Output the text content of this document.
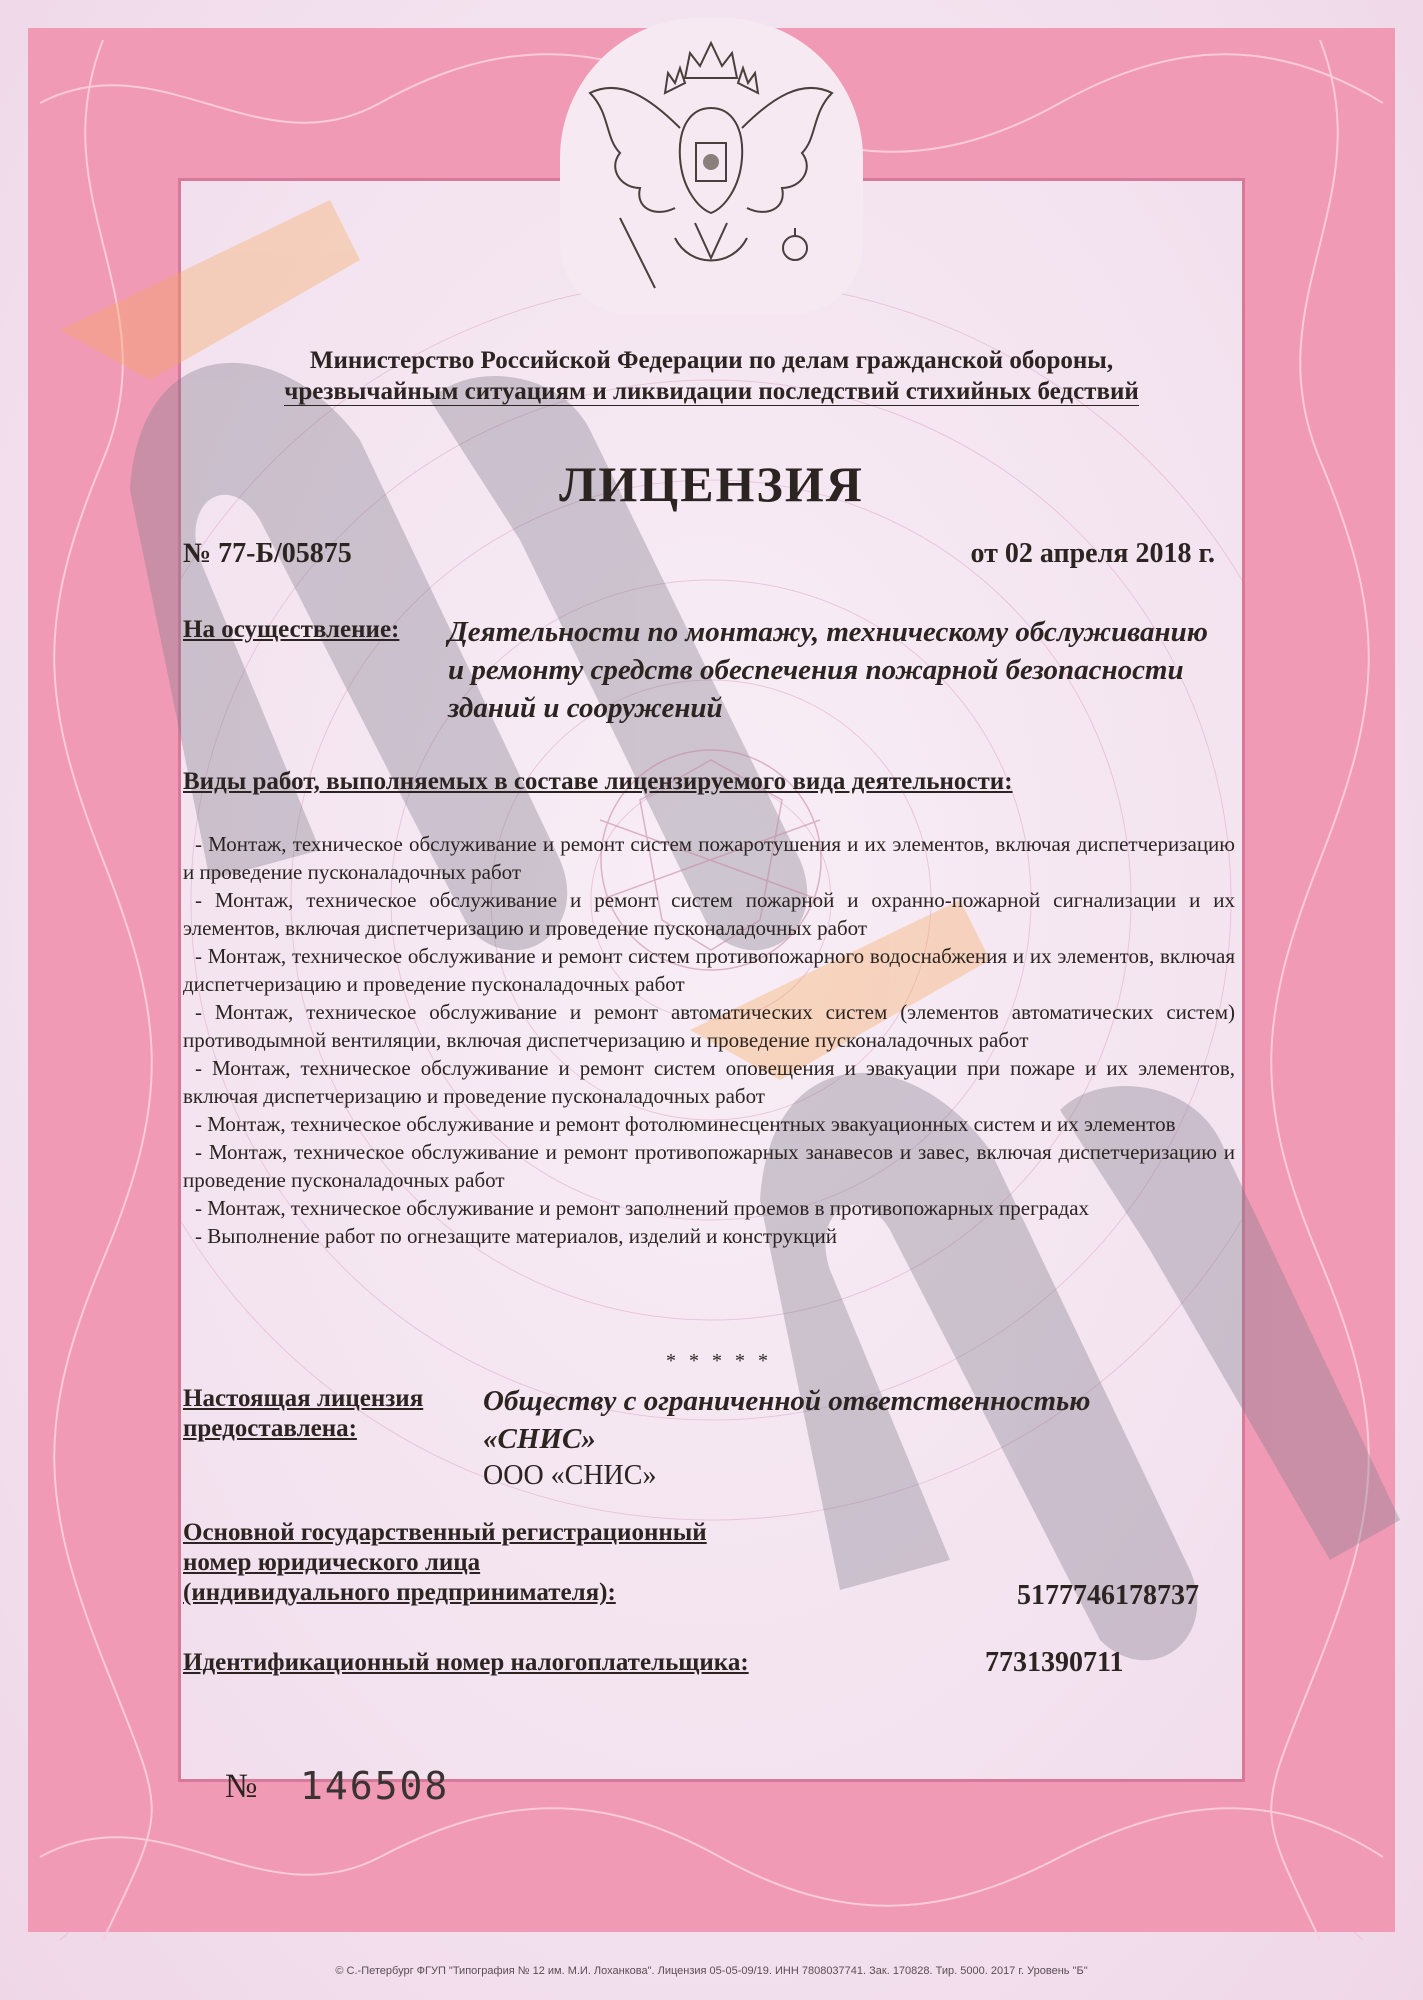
Министерство Российской Федерации по делам гражданской обороны,
чрезвычайным ситуациям и ликвидации последствий стихийных бедствий
ЛИЦЕНЗИЯ
№ 77-Б/05875	от 02 апреля 2018 г.
На осуществление: Деятельности по монтажу, техническому обслуживанию и ремонту средств обеспечения пожарной безопасности зданий и сооружений
Виды работ, выполняемых в составе лицензируемого вида деятельности:

- Монтаж, техническое обслуживание и ремонт систем пожаротушения и их элементов, включая диспетчеризацию и проведение пусконаладочных работ

- Монтаж, техническое обслуживание и ремонт систем пожарной и охранно-пожарной сигнализации и их элементов, включая диспетчеризацию и проведение пусконаладочных работ

- Монтаж, техническое обслуживание и ремонт систем противопожарного водоснабжения и их элементов, включая диспетчеризацию и проведение пусконаладочных работ

- Монтаж, техническое обслуживание и ремонт автоматических систем (элементов автоматических систем) противодымной вентиляции, включая диспетчеризацию и проведение пусконаладочных работ

- Монтаж, техническое обслуживание и ремонт систем оповещения и эвакуации при пожаре и их элементов, включая диспетчеризацию и проведение пусконаладочных работ

- Монтаж, техническое обслуживание и ремонт фотолюминесцентных эвакуационных систем и их элементов

- Монтаж, техническое обслуживание и ремонт противопожарных занавесов и завес, включая диспетчеризацию и проведение пусконаладочных работ

- Монтаж, техническое обслуживание и ремонт заполнений проемов в противопожарных преградах

- Выполнение работ по огнезащите материалов, изделий и конструкций

* * * * *
Настоящая лицензия
предоставлена:
Обществу с ограниченной ответственностью
«СНИС»
ООО «СНИС»
Основной государственный регистрационный
номер юридического лица
(индивидуального предпринимателя):	5177746178737
Идентификационный номер налогоплательщика:	7731390711
№ 146508
© С.-Петербург ФГУП "Типография № 12 им. М.И. Лоханкова". Лицензия 05-05-09/19. ИНН 7808037741. Зак. 170828. Тир. 5000. 2017 г. Уровень "Б"
